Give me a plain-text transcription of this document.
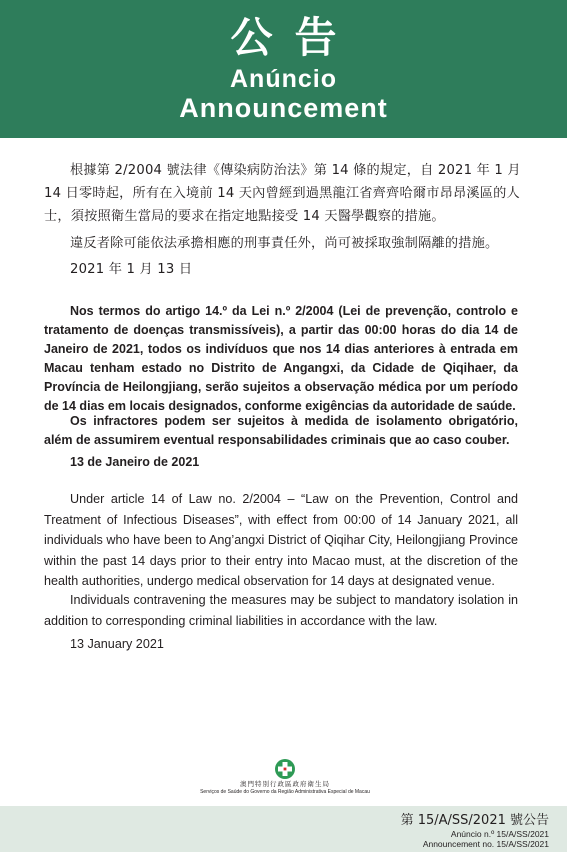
公告
Anúncio
Announcement

根據第 2/2004 號法律《傳染病防治法》第 14 條的規定，自 2021 年 1 月 14 日零時起，所有在入境前 14 天內曾經到過黑龍江省齊齊哈爾市昂昂溪區的人士，須按照衛生當局的要求在指定地點接受 14 天醫學觀察的措施。

違反者除可能依法承擔相應的刑事責任外，尚可被採取強制隔離的措施。

2021 年 1 月 13 日

Nos termos do artigo 14.º da Lei n.º 2/2004 (Lei de prevenção, controlo e tratamento de doenças transmissíveis), a partir das 00:00 horas do dia 14 de Janeiro de 2021, todos os indivíduos que nos 14 dias anteriores à entrada em Macau tenham estado no Distrito de Angangxi, da Cidade de Qiqihaer, da Província de Heilongjiang, serão sujeitos a observação médica por um período de 14 dias em locais designados, conforme exigências da autoridade de saúde.

Os infractores podem ser sujeitos à medida de isolamento obrigatório, além de assumirem eventual responsabilidades criminais que ao caso couber.

13 de Janeiro de 2021

Under article 14 of Law no. 2/2004 – “Law on the Prevention, Control and Treatment of Infectious Diseases”, with effect from 00:00 of 14 January 2021, all individuals who have been to Ang’angxi District of Qiqihar City, Heilongjiang Province within the past 14 days prior to their entry into Macao must, at the discretion of the health authorities, undergo medical observation for 14 days at designated venue.

Individuals contravening the measures may be subject to mandatory isolation in addition to corresponding criminal liabilities in accordance with the law.

13 January 2021

澳門特別行政區政府衛生局
Serviços de Saúde do Governo da Região Administrativa Especial de Macau
第 15/A/SS/2021 號公告
Anúncio n.º 15/A/SS/2021
Announcement no. 15/A/SS/2021
